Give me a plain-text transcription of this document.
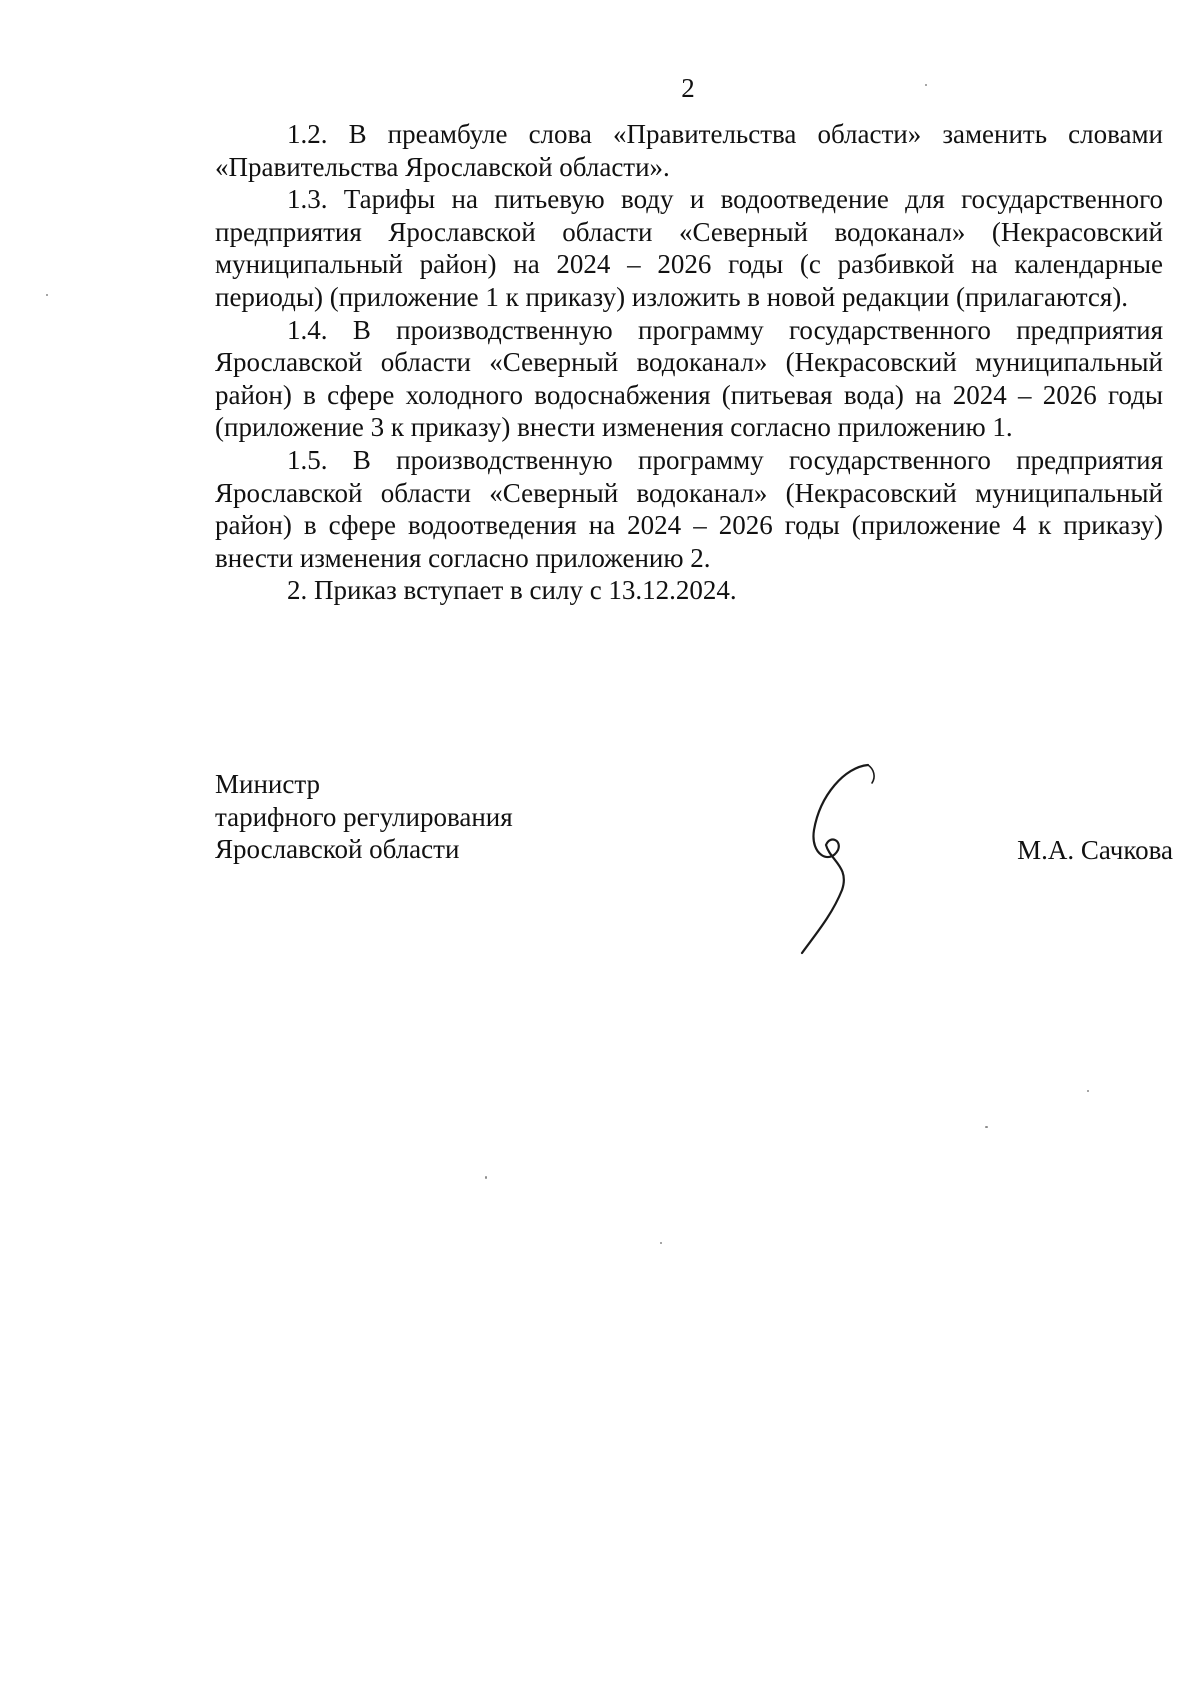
2

1.2. В преамбуле слова «Правительства области» заменить словами «Правительства Ярославской области».

1.3. Тарифы на питьевую воду и водоотведение для государственного предприятия Ярославской области «Северный водоканал» (Некрасовский муниципальный район) на 2024 – 2026 годы (с разбивкой на календарные периоды) (приложение 1 к приказу) изложить в новой редакции (прилагаются).

1.4. В производственную программу государственного предприятия Ярославской области «Северный водоканал» (Некрасовский муниципальный район) в сфере холодного водоснабжения (питьевая вода) на 2024 – 2026 годы (приложение 3 к приказу) внести изменения согласно приложению 1.

1.5. В производственную программу государственного предприятия Ярославской области «Северный водоканал» (Некрасовский муниципальный район) в сфере водоотведения на 2024 – 2026 годы (приложение 4 к приказу) внести изменения согласно приложению 2.

2. Приказ вступает в силу с 13.12.2024.

Министр
тарифного регулирования
Ярославской области	М.А. Сачкова
